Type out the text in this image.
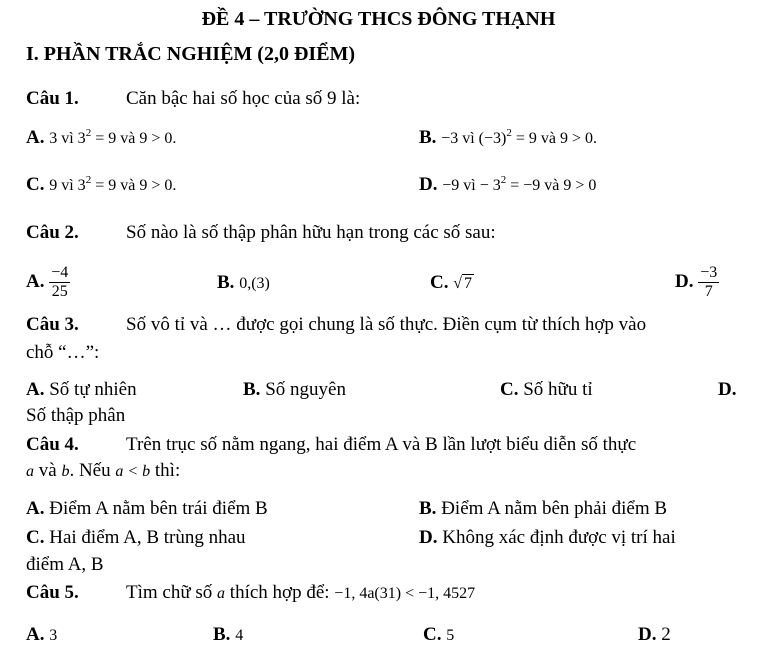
ĐỀ 4 – TRƯỜNG THCS ĐÔNG THẠNH
I. PHẦN TRẮC NGHIỆM (2,0 ĐIỂM)
Câu 1. Căn bậc hai số học của số 9 là:
A. 3 vì $3^2 = 9$ và 9 > 0.	B. −3 vì $(-3)^2 = 9$ và 9 > 0.
C. 9 vì $3^2 = 9$ và 9 > 0.	D. −9 vì − $3^2 = -9$ và 9 > 0
Câu 2. Số nào là số thập phân hữu hạn trong các số sau:
A. $\frac{-4}{25}$	B. 0,(3)	C. √ 7	D. $\frac{-3}{7}$
Câu 3. Số vô tỉ và … được gọi chung là số thực. Điền cụm từ thích hợp vào
chỗ “…”:
A. Số tự nhiên	B. Số nguyên	C. Số hữu tỉ	D.
Số thập phân
Câu 4. Trên trục số nằm ngang, hai điểm A và B lần lượt biểu diễn số thực
a và b. Nếu a < b thì:
A. Điểm A nằm bên trái điểm B	B. Điểm A nằm bên phải điểm B
C. Hai điểm A, B trùng nhau	D. Không xác định được vị trí hai
điểm A, B
Câu 5. Tìm chữ số a thích hợp để: −1, 4a(31) < −1, 4527
A. 3	B. 4	C. 5	D. 2
